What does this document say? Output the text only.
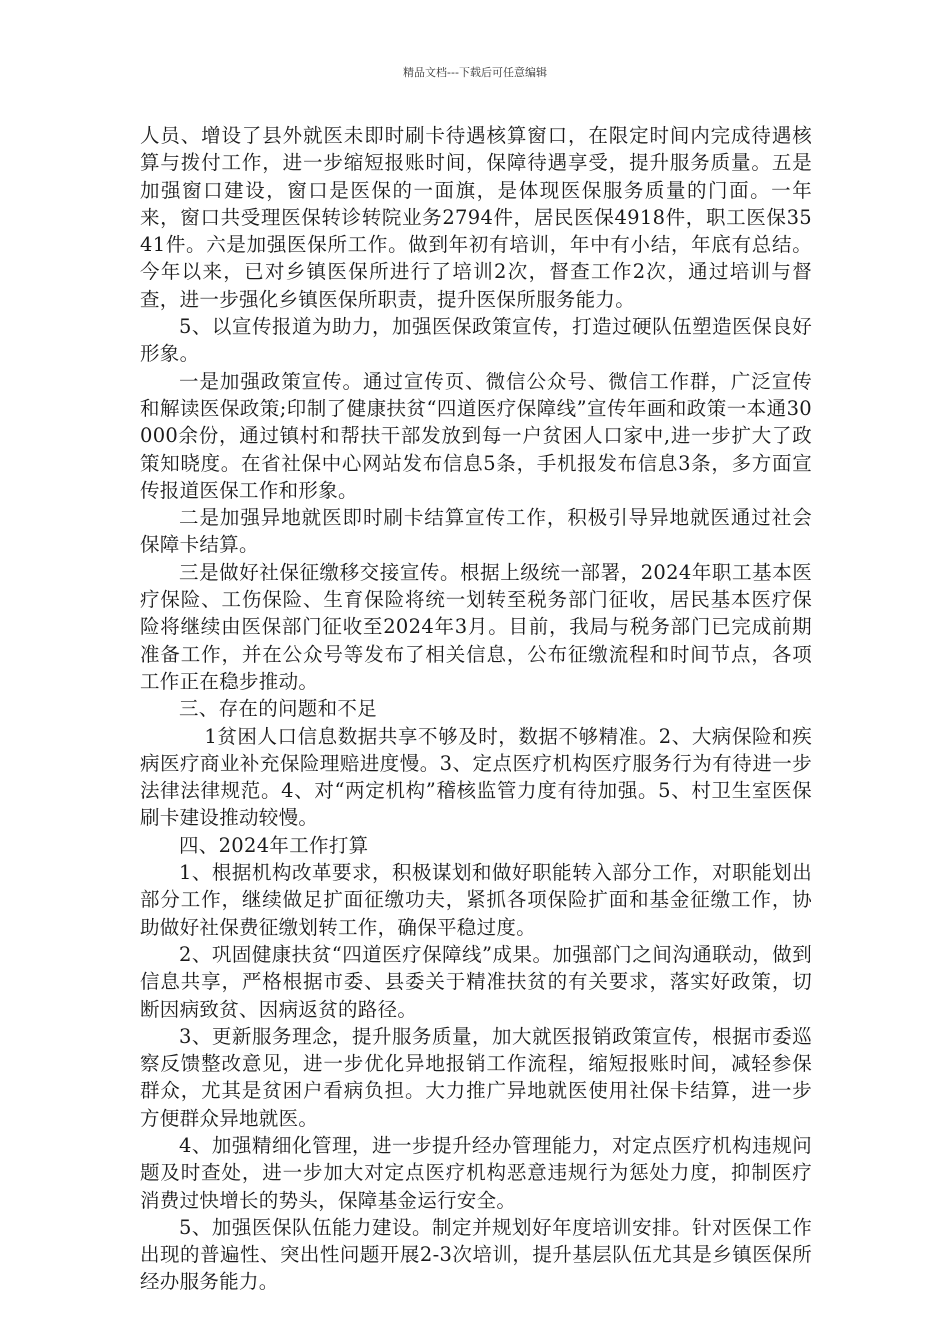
精品文档---下载后可任意编辑

人员、增设了县外就医未即时刷卡待遇核算窗口，在限定时间内完成待遇核算与拨付工作，进一步缩短报账时间，保障待遇享受，提升服务质量。五是加强窗口建设，窗口是医保的一面旗，是体现医保服务质量的门面。一年来，窗口共受理医保转诊转院业务2794件，居民医保4918件，职工医保3541件。六是加强医保所工作。做到年初有培训，年中有小结，年底有总结。今年以来，已对乡镇医保所进行了培训2次，督查工作2次，通过培训与督查，进一步强化乡镇医保所职责，提升医保所服务能力。

5、以宣传报道为助力，加强医保政策宣传，打造过硬队伍塑造医保良好形象。

一是加强政策宣传。通过宣传页、微信公众号、微信工作群，广泛宣传和解读医保政策;印制了健康扶贫“四道医疗保障线”宣传年画和政策一本通30000余份，通过镇村和帮扶干部发放到每一户贫困人口家中,进一步扩大了政策知晓度。在省社保中心网站发布信息5条，手机报发布信息3条，多方面宣传报道医保工作和形象。

二是加强异地就医即时刷卡结算宣传工作，积极引导异地就医通过社会保障卡结算。

三是做好社保征缴移交接宣传。根据上级统一部署，2024年职工基本医疗保险、工伤保险、生育保险将统一划转至税务部门征收，居民基本医疗保险将继续由医保部门征收至2024年3月。目前，我局与税务部门已完成前期准备工作，并在公众号等发布了相关信息，公布征缴流程和时间节点，各项工作正在稳步推动。

三、存在的问题和不足

1贫困人口信息数据共享不够及时，数据不够精准。2、大病保险和疾病医疗商业补充保险理赔进度慢。3、定点医疗机构医疗服务行为有待进一步法律法律规范。4、对“两定机构”稽核监管力度有待加强。5、村卫生室医保刷卡建设推动较慢。

四、2024年工作打算

1、根据机构改革要求，积极谋划和做好职能转入部分工作，对职能划出部分工作，继续做足扩面征缴功夫，紧抓各项保险扩面和基金征缴工作，协助做好社保费征缴划转工作，确保平稳过度。

2、巩固健康扶贫“四道医疗保障线”成果。加强部门之间沟通联动，做到信息共享，严格根据市委、县委关于精准扶贫的有关要求，落实好政策，切断因病致贫、因病返贫的路径。

3、更新服务理念，提升服务质量，加大就医报销政策宣传，根据市委巡察反馈整改意见，进一步优化异地报销工作流程，缩短报账时间，减轻参保群众，尤其是贫困户看病负担。大力推广异地就医使用社保卡结算，进一步方便群众异地就医。

4、加强精细化管理，进一步提升经办管理能力，对定点医疗机构违规问题及时查处，进一步加大对定点医疗机构恶意违规行为惩处力度，抑制医疗消费过快增长的势头，保障基金运行安全。

5、加强医保队伍能力建设。制定并规划好年度培训安排。针对医保工作出现的普遍性、突出性问题开展2-3次培训，提升基层队伍尤其是乡镇医保所经办服务能力。
